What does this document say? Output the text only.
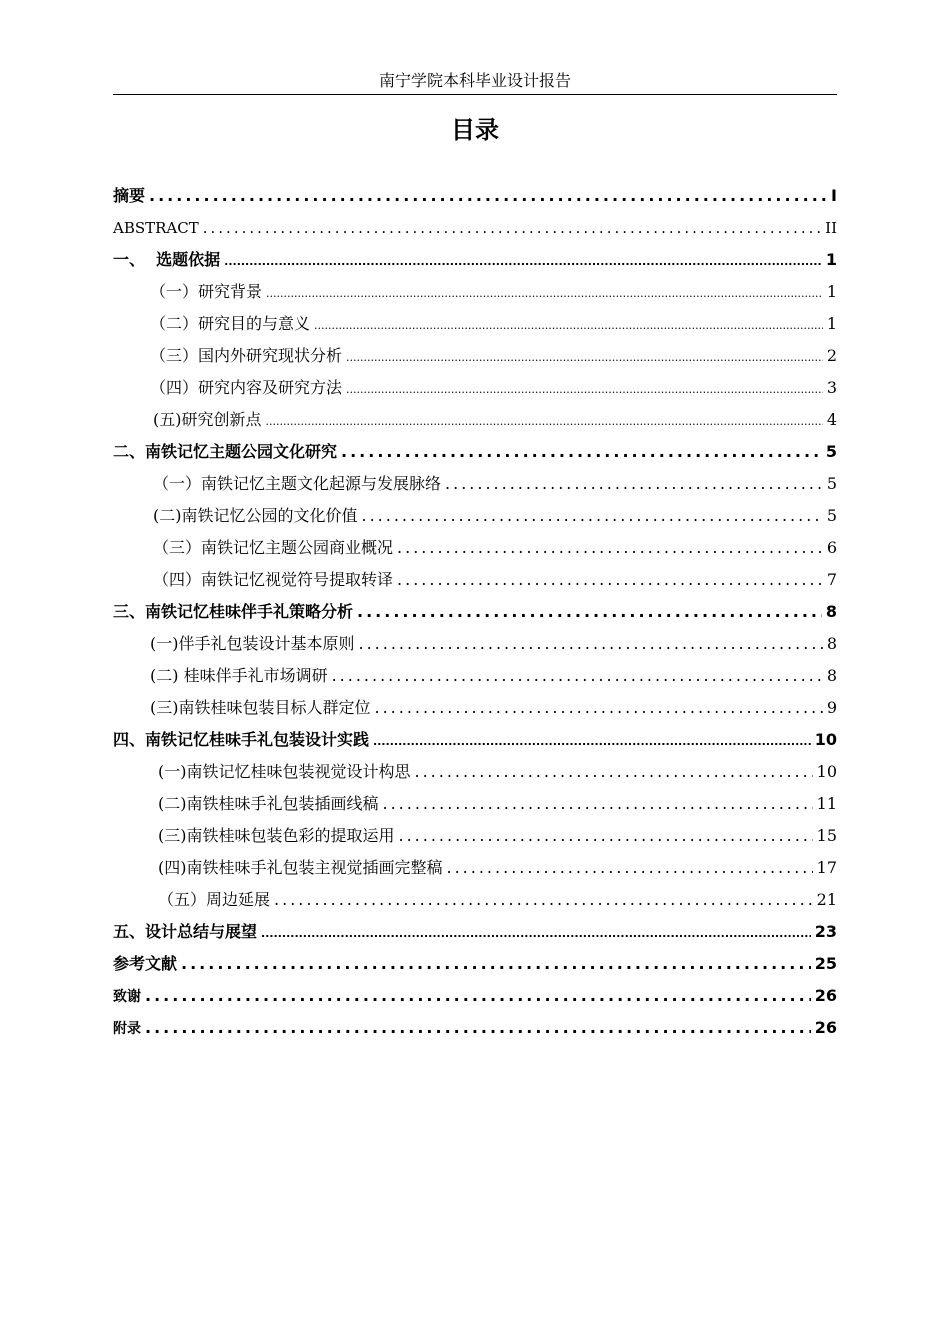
南宁学院本科毕业设计报告
目录
摘要 .....	I
ABSTRACT .....	II
一、  选题依据 .....	1
（一）研究背景 .....	1
（二）研究目的与意义 .....	1
（三）国内外研究现状分析 .....	2
（四）研究内容及研究方法 .....	3
(五)研究创新点 .....	4
二、南铁记忆主题公园文化研究 .....	5
（一）南铁记忆主题文化起源与发展脉络 .....	5
(二)南铁记忆公园的文化价值 .....	5
（三）南铁记忆主题公园商业概况 .....	6
（四）南铁记忆视觉符号提取转译 .....	7
三、南铁记忆桂味伴手礼策略分析 .....	8
(一)伴手礼包装设计基本原则 .....	8
(二) 桂味伴手礼市场调研 .....	8
(三)南铁桂味包装目标人群定位 .....	9
四、南铁记忆桂味手礼包装设计实践 .....	10
(一)南铁记忆桂味包装视觉设计构思 .....	10
(二)南铁桂味手礼包装插画线稿 .....	11
(三)南铁桂味包装色彩的提取运用 .....	15
(四)南铁桂味手礼包装主视觉插画完整稿 .....	17
（五）周边延展 .....	21
五、设计总结与展望 .....	23
参考文献 .....	25
致谢 .....	26
附录 .....	26
